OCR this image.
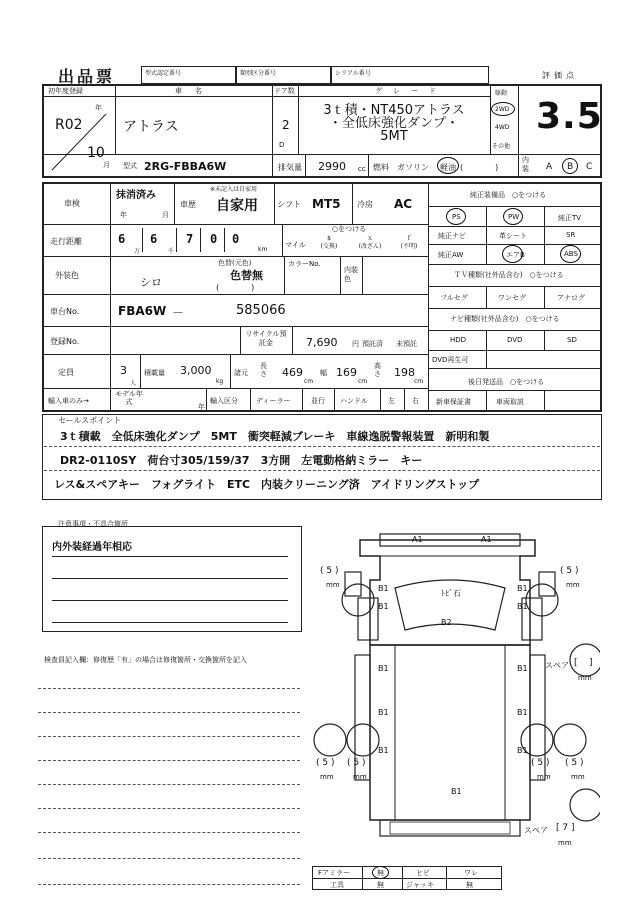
出品票	型式認定番号	類別区分番号	シリアル番号	評価点
初年度登録
R02
年
10
月
車　名
アトラス
ドア数
2
D
グ　レ　ー　ド
3ｔ積・NT450アトラス
・全低床強化ダンプ・
5MT
駆動
2WD
4WD
その他
3.5
型式 2RG-FBBA6W	排気量 2990 cc 燃料 ガソリン 軽油 (　　　　)
内装	A B C
車検
抹消済み
年	月
※未記入は自家用
車歴 自家用 シフト MT5 冷房 AC
走行距離	6 6 7 0 0
万	千	km
マイル
○をつける
$
(交換)
ｘ
(改ざん)
ｆ
(不明)
外装色
シロ
色替(元色)
色替無
(　　　　)
カラーNo.
内装色
車台No.	FBA6W －	585066
登録No.
リサイクル預託金	7,690 円 預託済 未預託
定員	3
人
積載量 3,000
kg
諸元
長さ 469
cm
幅 169
cm
高さ 198
cm
輸入車のみ→
モデル年式
年
輸入区分	ディーラー	並行 ハンドル	左 右
純正装備品　○をつける
PS	PW	純正TV
純正ナビ	革シート	SR
純正AW	エアB	ABS
ＴＶ種類(社外品含む)　○をつける
フルセグ	ワンセグ	アナログ
ナビ種類(社外品含む)　○をつける
HDD	DVD	SD
DVD再生可
後日発送品　○をつける
新車保証書	車両取説
セールスポイント
3ｔ積載　全低床強化ダンプ　5MT　衝突軽減ブレーキ　車線逸脱警報装置　新明和製
DR2-0110SY　荷台寸305/159/37　3方開　左電動格納ミラー　キー
レス&スペアキー　フォグライト　ETC　内装クリーニング済　アイドリングストップ
注意事項・不具合箇所
内外装経過年相応
検査員記入欄：修復歴「有」の場合は修復箇所・交換箇所を記入
A1	A1
B1	B1
B1	B1
ﾄﾋﾞ石
B2
B1	B1
B1	B1
B1	B1
B1
( 5 )
mm
( 5 )
mm
( 5 )
mm
( 5 )
mm
( 5 )
mm
( 5 )
mm
スペア [    ]
mm
スペア [ 7 ]
mm
Fアミラー	無	ヒビ	ワレ
工具	無	ジャッキ	無
